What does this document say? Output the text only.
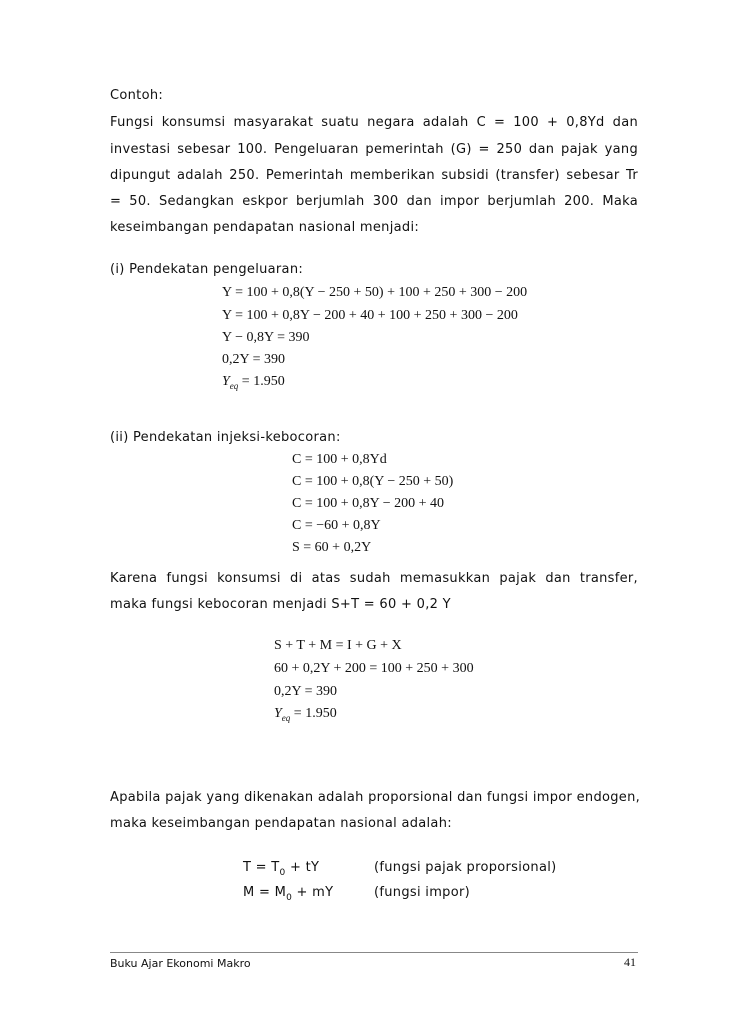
Contoh:
Fungsi konsumsi masyarakat suatu negara adalah C = 100 + 0,8Yd dan
investasi sebesar 100. Pengeluaran pemerintah (G) = 250 dan pajak yang
dipungut adalah 250. Pemerintah memberikan subsidi (transfer) sebesar Tr
= 50. Sedangkan eskpor berjumlah 300 dan impor berjumlah 200. Maka
keseimbangan pendapatan nasional menjadi:
(i) Pendekatan pengeluaran:
Y = 100 + 0,8(Y − 250 + 50) + 100 + 250 + 300 − 200
Y = 100 + 0,8Y − 200 + 40 + 100 + 250 + 300 − 200
Y − 0,8Y = 390
0,2Y = 390
$Y_{eq} = 1.950$
(ii) Pendekatan injeksi-kebocoran:
C = 100 + 0,8Yd
C = 100 + 0,8(Y − 250 + 50)
C = 100 + 0,8Y − 200 + 40
C = −60 + 0,8Y
S = 60 + 0,2Y
Karena fungsi konsumsi di atas sudah memasukkan pajak dan transfer,
maka fungsi kebocoran menjadi S+T = 60 + 0,2 Y
S + T + M = I + G + X
60 + 0,2Y + 200 = 100 + 250 + 300
0,2Y = 390
$Y_{eq} = 1.950$
Apabila pajak yang dikenakan adalah proporsional dan fungsi impor endogen,
maka keseimbangan pendapatan nasional adalah:
$T = T_0$ + tY	(fungsi pajak proporsional)
$M = M_0$ + mY	(fungsi impor)
Buku Ajar Ekonomi Makro	41
